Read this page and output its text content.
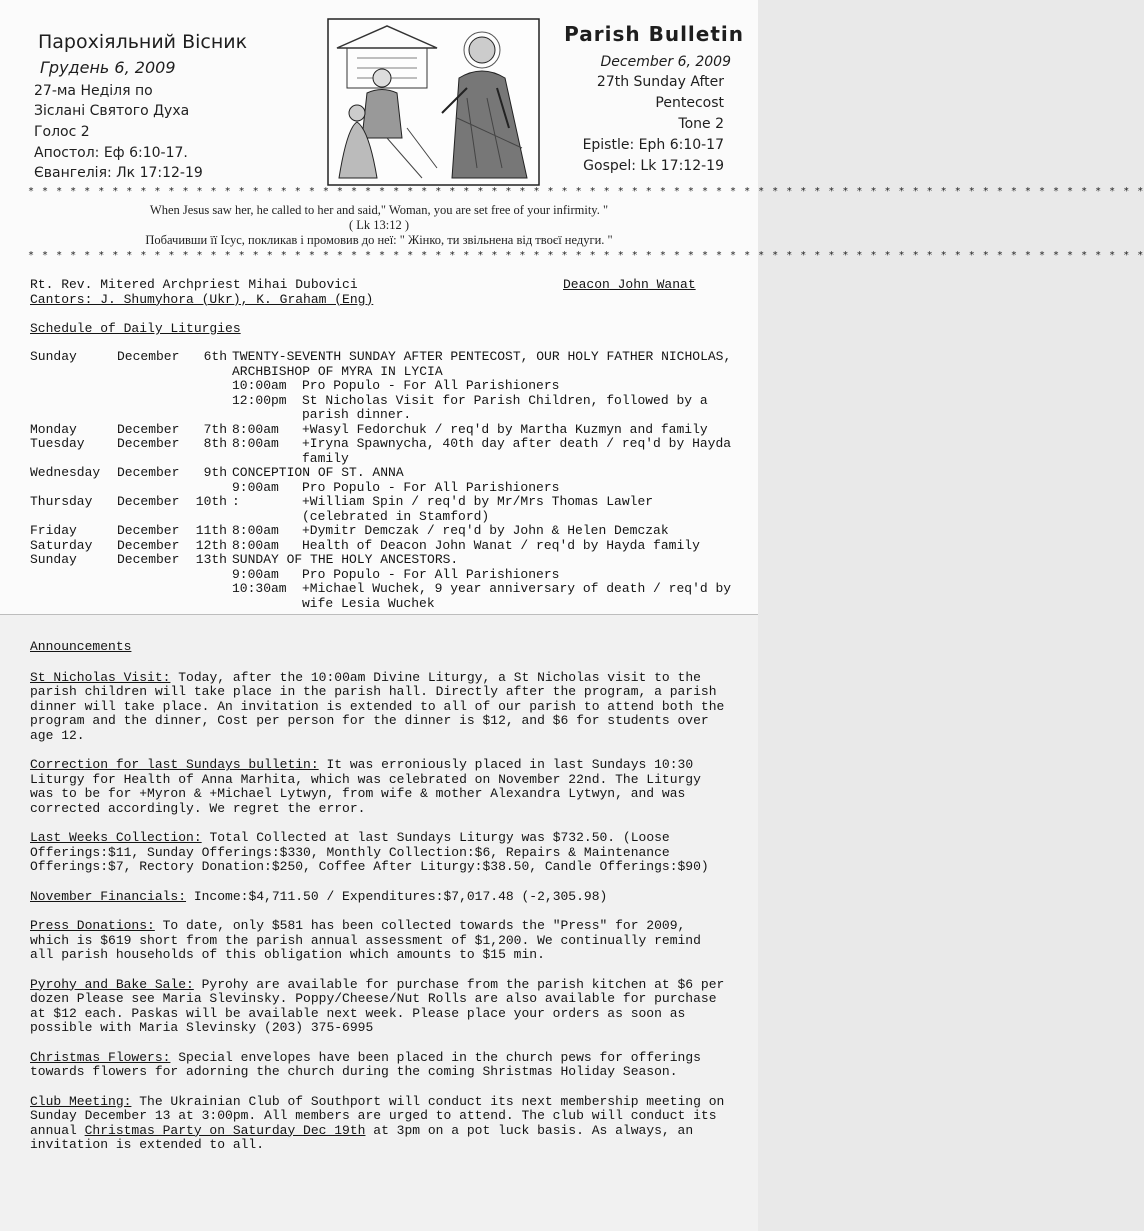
Парохіяльний Вісник
Грудень 6, 2009
27-ма Неділя по
Зіслані Святого Духа
Голос 2
Апостол: Еф 6:10-17.
Євангелія: Лк 17:12-19
Parish Bulletin
December 6, 2009
27th Sunday After
Pentecost
Tone 2
Epistle: Eph 6:10-17
Gospel: Lk 17:12-19
* * * * * * * * * * * * * * * * * * * * * * * * * * * * * * * * * * * * * * * * * * * * * * * * * * * * * * * * * * * * * * * * * * * * * * * * * * * * * * * *
When Jesus saw her, he called to her and said," Woman, you are set free of your infirmity. "
( Lk 13:12 )
Побачивши її Ісус, покликав і промовив до неї: " Жінко, ти звільнена від твоєї недуги. "
* * * * * * * * * * * * * * * * * * * * * * * * * * * * * * * * * * * * * * * * * * * * * * * * * * * * * * * * * * * * * * * * * * * * * * * * * * * * * * * *
Rt. Rev. Mitered Archpriest Mihai Dubovici
Cantors: J. Shumyhora (Ukr), K. Graham (Eng)
Deacon John Wanat
Schedule of Daily Liturgies
Sunday	December	6th TWENTY-SEVENTH SUNDAY AFTER PENTECOST, OUR HOLY FATHER NICHOLAS, ARCHBISHOP OF MYRA IN LYCIA
10:00am	Pro Populo - For All Parishioners
12:00pm	St Nicholas Visit for Parish Children, followed by a parish dinner.
Monday	December	7th 8:00am	+Wasyl Fedorchuk / req'd by Martha Kuzmyn and family
Tuesday	December	8th 8:00am	+Iryna Spawnycha, 40th day after death / req'd by Hayda family
Wednesday	December	9th CONCEPTION OF ST. ANNA
9:00am	Pro Populo - For All Parishioners
Thursday	December	10th :	+William Spin / req'd by Mr/Mrs Thomas Lawler (celebrated in Stamford)
Friday	December	11th 8:00am	+Dymitr Demczak / req'd by John & Helen Demczak
Saturday	December	12th 8:00am	Health of Deacon John Wanat / req'd by Hayda family
Sunday	December	13th SUNDAY OF THE HOLY ANCESTORS.
9:00am	Pro Populo - For All Parishioners
10:30am	+Michael Wuchek, 9 year anniversary of death / req'd by wife Lesia Wuchek
Announcements
St Nicholas Visit: Today, after the 10:00am Divine Liturgy, a St Nicholas visit to the parish children will take place in the parish hall. Directly after the program, a parish dinner will take place. An invitation is extended to all of our parish to attend both the program and the dinner, Cost per person for the dinner is $12, and $6 for students over age 12.
Correction for last Sundays bulletin: It was erroniously placed in last Sundays 10:30 Liturgy for Health of Anna Marhita, which was celebrated on November 22nd. The Liturgy was to be for +Myron & +Michael Lytwyn, from wife & mother Alexandra Lytwyn, and was corrected accordingly. We regret the error.
Last Weeks Collection: Total Collected at last Sundays Liturgy was $732.50. (Loose Offerings:$11, Sunday Offerings:$330, Monthly Collection:$6, Repairs & Maintenance Offerings:$7, Rectory Donation:$250, Coffee After Liturgy:$38.50, Candle Offerings:$90)
November Financials: Income:$4,711.50 / Expenditures:$7,017.48 (-2,305.98)
Press Donations: To date, only $581 has been collected towards the "Press" for 2009, which is $619 short from the parish annual assessment of $1,200. We continually remind all parish households of this obligation which amounts to $15 min.
Pyrohy and Bake Sale: Pyrohy are available for purchase from the parish kitchen at $6 per dozen Please see Maria Slevinsky. Poppy/Cheese/Nut Rolls are also available for purchase at $12 each. Paskas will be available next week. Please place your orders as soon as possible with Maria Slevinsky (203) 375-6995
Christmas Flowers: Special envelopes have been placed in the church pews for offerings towards flowers for adorning the church during the coming Shristmas Holiday Season.
Club Meeting: The Ukrainian Club of Southport will conduct its next membership meeting on Sunday December 13 at 3:00pm. All members are urged to attend. The club will conduct its annual Christmas Party on Saturday Dec 19th at 3pm on a pot luck basis. As always, an invitation is extended to all.
